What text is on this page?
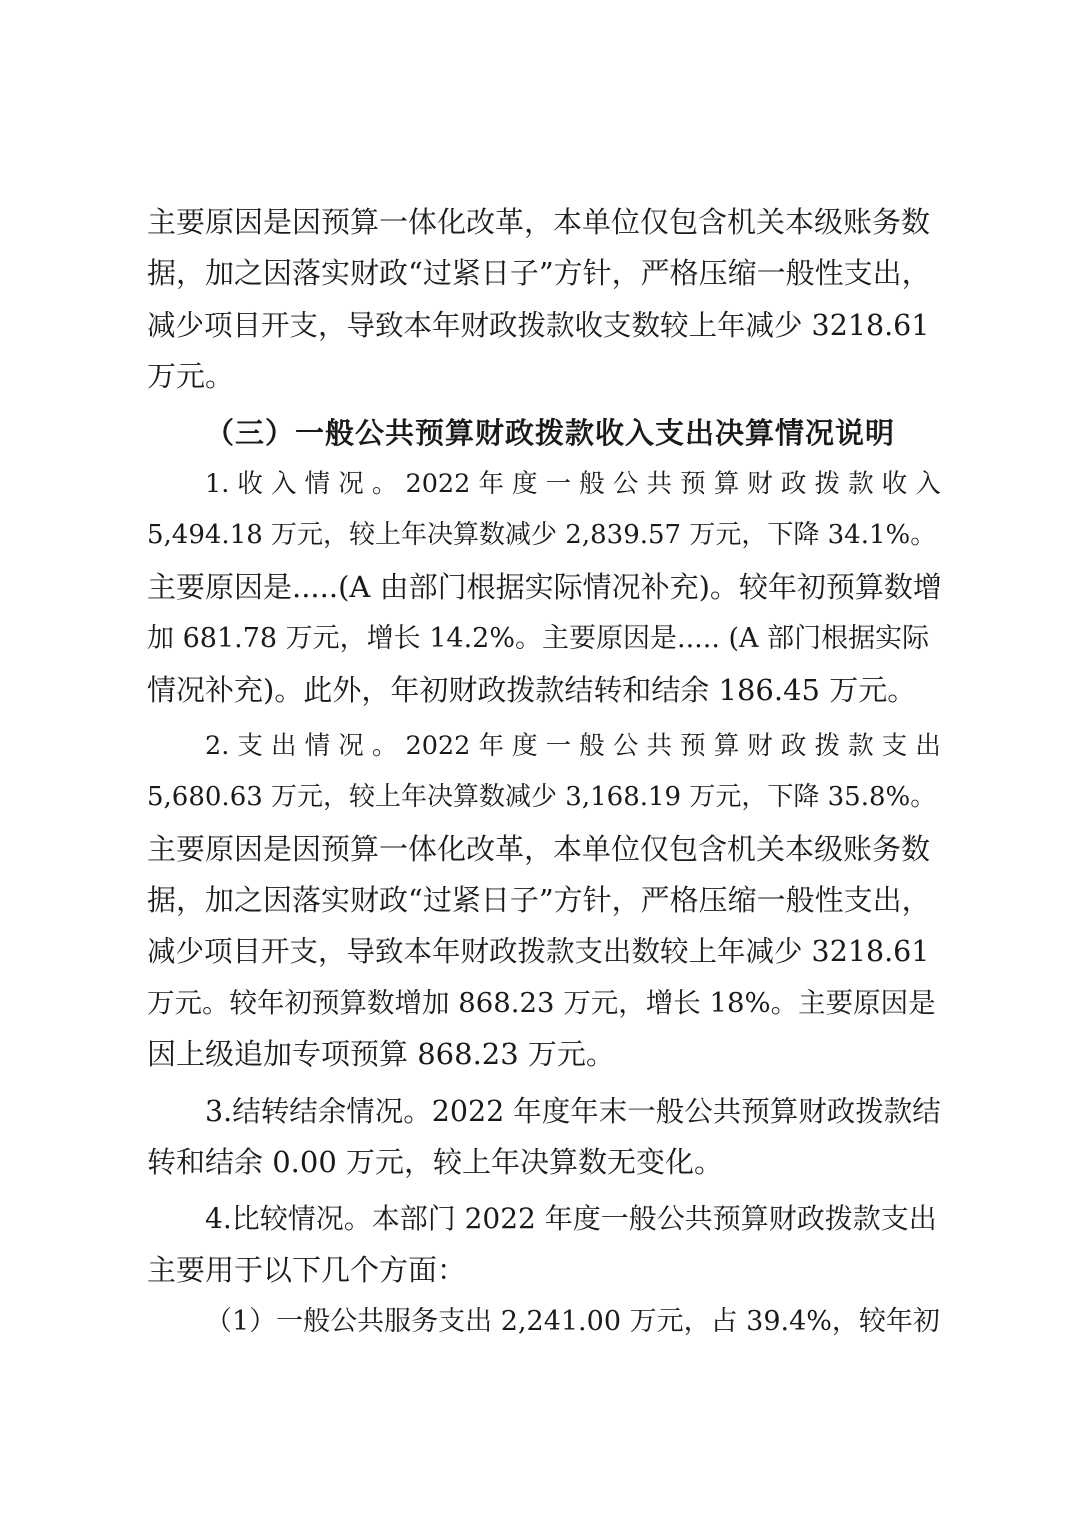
主要原因是因预算一体化改革，本单位仅包含机关本级账务数
据，加之因落实财政“过紧日子”方针，严格压缩一般性支出，
减少项目开支，导致本年财政拨款收支数较上年减少 3218.61
万元。
（三）一般公共预算财政拨款收入支出决算情况说明
1. 收 入 情 况 。 2022 年 度 一 般 公 共 预 算 财 政 拨 款 收 入
5,494.18 万元，较上年决算数减少 2,839.57 万元，下降 34.1%。
主要原因是.....(A 由部门根据实际情况补充)。较年初预算数增
加 681.78 万元，增长 14.2%。主要原因是..... (A 部门根据实际
情况补充)。此外，年初财政拨款结转和结余 186.45 万元。
2. 支 出 情 况 。 2022 年 度 一 般 公 共 预 算 财 政 拨 款 支 出
5,680.63 万元，较上年决算数减少 3,168.19 万元，下降 35.8%。
主要原因是因预算一体化改革，本单位仅包含机关本级账务数
据，加之因落实财政“过紧日子”方针，严格压缩一般性支出，
减少项目开支，导致本年财政拨款支出数较上年减少 3218.61
万元。较年初预算数增加 868.23 万元，增长 18%。主要原因是
因上级追加专项预算 868.23 万元。
3.结转结余情况。2022 年度年末一般公共预算财政拨款结
转和结余 0.00 万元，较上年决算数无变化。
4.比较情况。本部门 2022 年度一般公共预算财政拨款支出
主要用于以下几个方面：
（1）一般公共服务支出 2,241.00 万元，占 39.4%，较年初
